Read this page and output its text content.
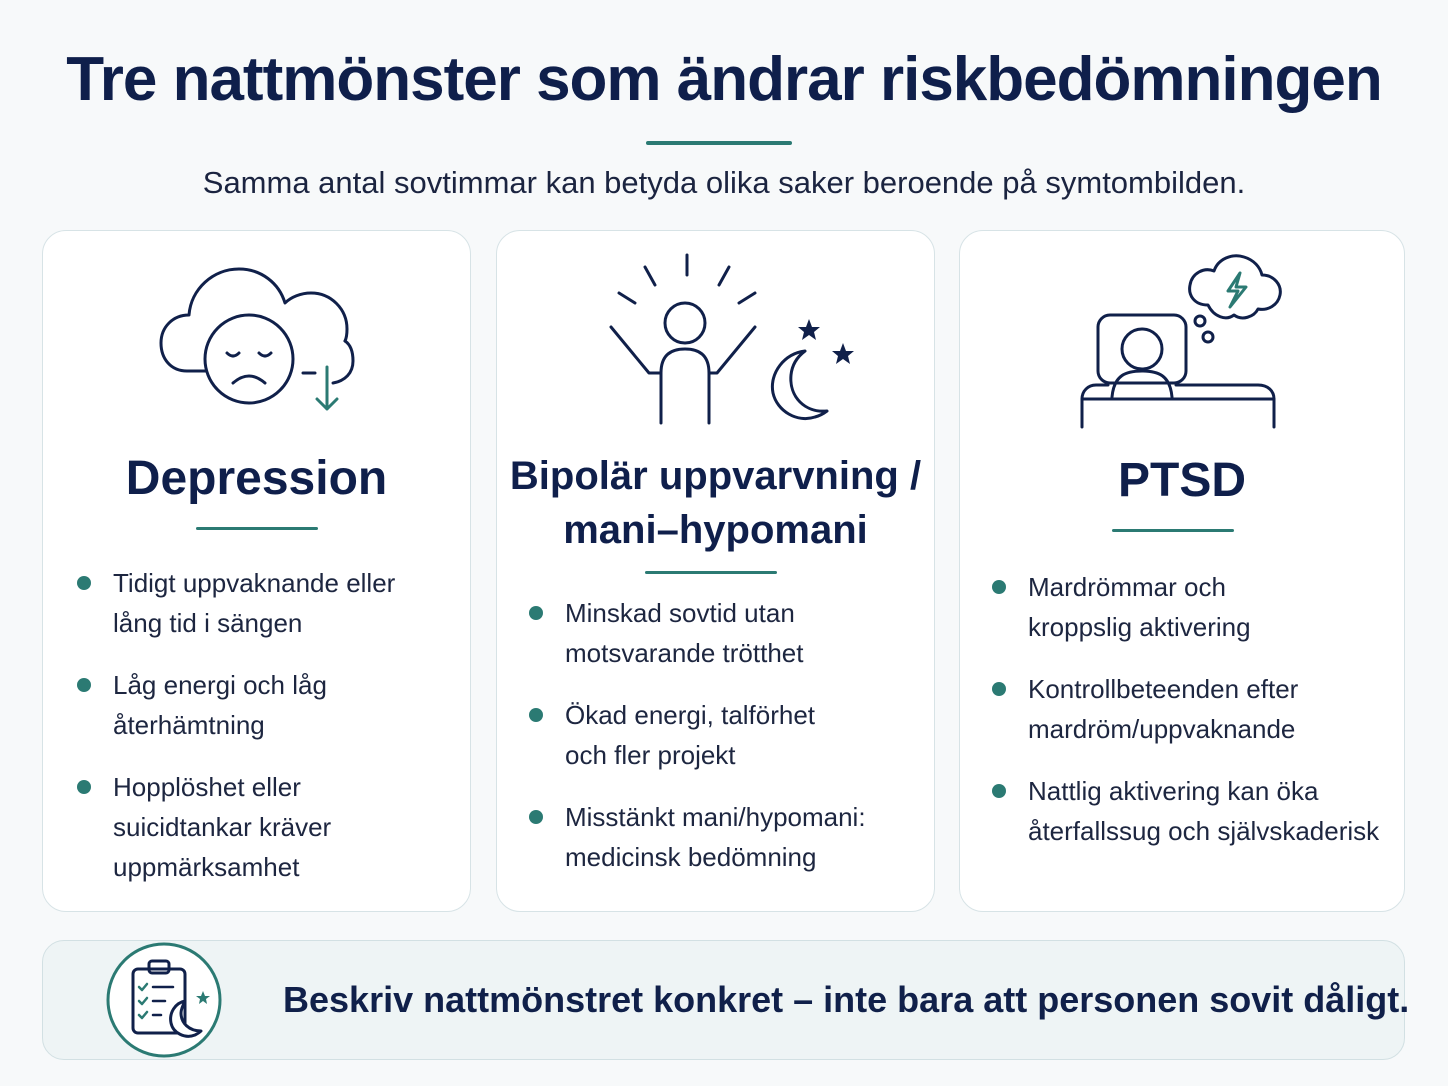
Tre nattmönster som ändrar riskbedömningen
Samma antal sovtimmar kan betyda olika saker beroende på symtombilden.
Depression
Tidigt uppvaknande eller
lång tid i sängen
Låg energi och låg
återhämtning
Hopplöshet eller
suicidtankar kräver
uppmärksamhet
Bipolär uppvarvning /
mani–hypomani
Minskad sovtid utan
motsvarande trötthet
Ökad energi, talförhet
och fler projekt
Misstänkt mani/hypomani:
medicinsk bedömning
PTSD
Mardrömmar och
kroppslig aktivering
Kontrollbeteenden efter
mardröm/uppvaknande
Nattlig aktivering kan öka
återfallssug och självskaderisk
Beskriv nattmönstret konkret – inte bara att personen sovit dåligt.
